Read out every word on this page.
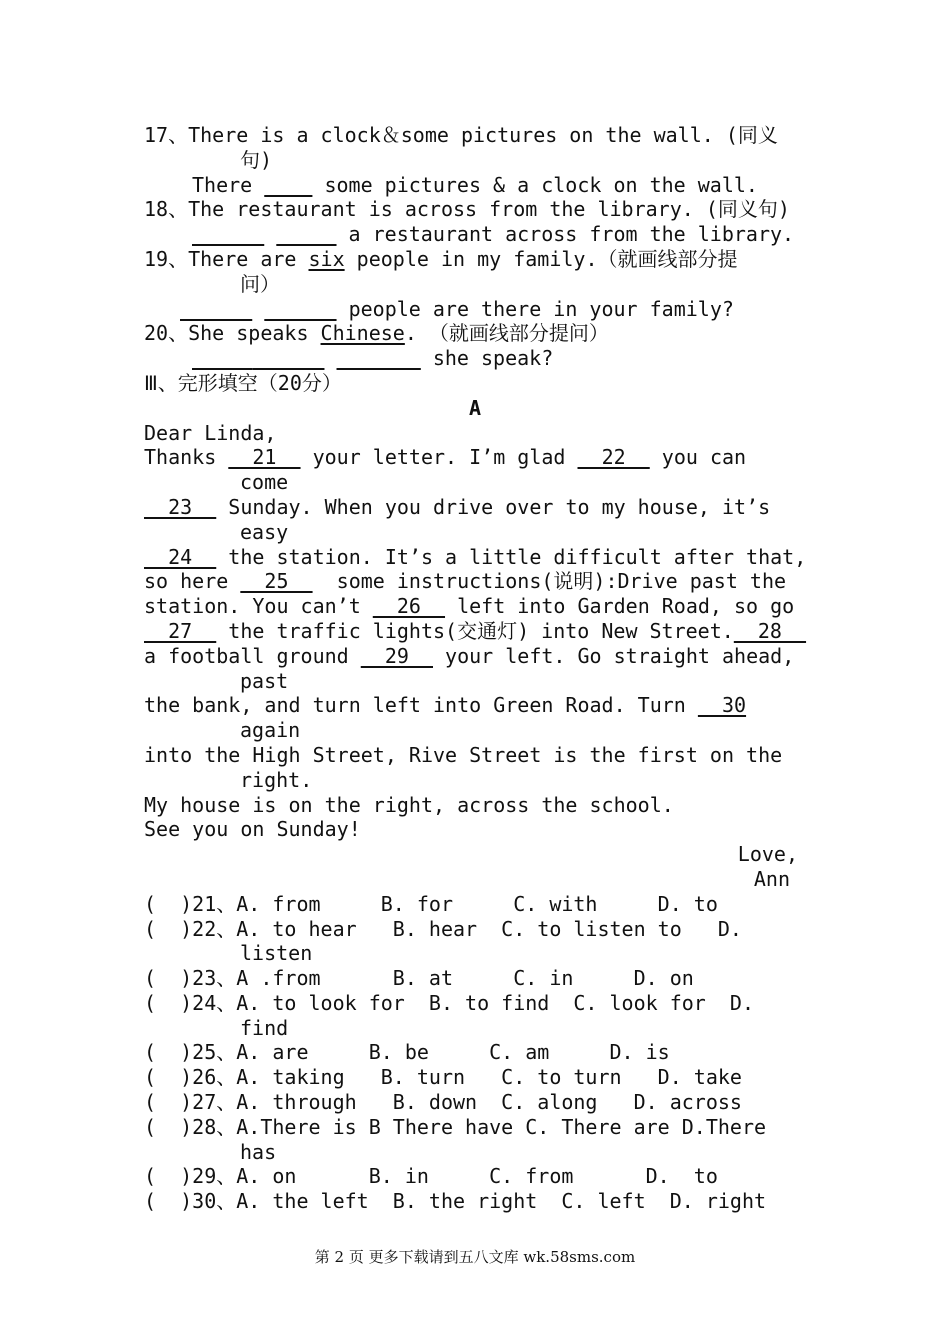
17、There is a clock＆some pictures on the wall. (同义
句)
There      some pictures & a clock on the wall.
18、The restaurant is across from the library. (同义句)
a restaurant across from the library.
19、There are six people in my family.（就画线部分提
问）
people are there in your family?
20、She speaks Chinese. （就画线部分提问）
she speak?
Ⅲ、完形填空（20分）
A
Dear Linda,
Thanks   21   your letter. I’m glad   22   you can
come
23   Sunday. When you drive over to my house, it’s
easy
24   the station. It’s a little difficult after that,
so here   25    some instructions(说明):Drive past the
station. You can’t   26   left into Garden Road, so go
27   the traffic lights(交通灯) into New Street.  28
a football ground   29   your left. Go straight ahead,
past
the bank, and turn left into Green Road. Turn   30
again
into the High Street, Rive Street is the first on the
right.
My house is on the right, across the school.
See you on Sunday!
Love,
Ann
(  )21、A. from     B. for     C. with     D. to
(  )22、A. to hear   B. hear  C. to listen to   D.
listen
(  )23、A .from      B. at     C. in     D. on
(  )24、A. to look for  B. to find  C. look for  D.
find
(  )25、A. are     B. be     C. am     D. is
(  )26、A. taking   B. turn   C. to turn   D. take
(  )27、A. through   B. down  C. along   D. across
(  )28、A.There is B There have C. There are D.There
has
(  )29、A. on      B. in     C. from      D.  to
(  )30、A. the left  B. the right  C. left  D. right
第 2 页 更多下载请到五八文库 wk.58sms.com
